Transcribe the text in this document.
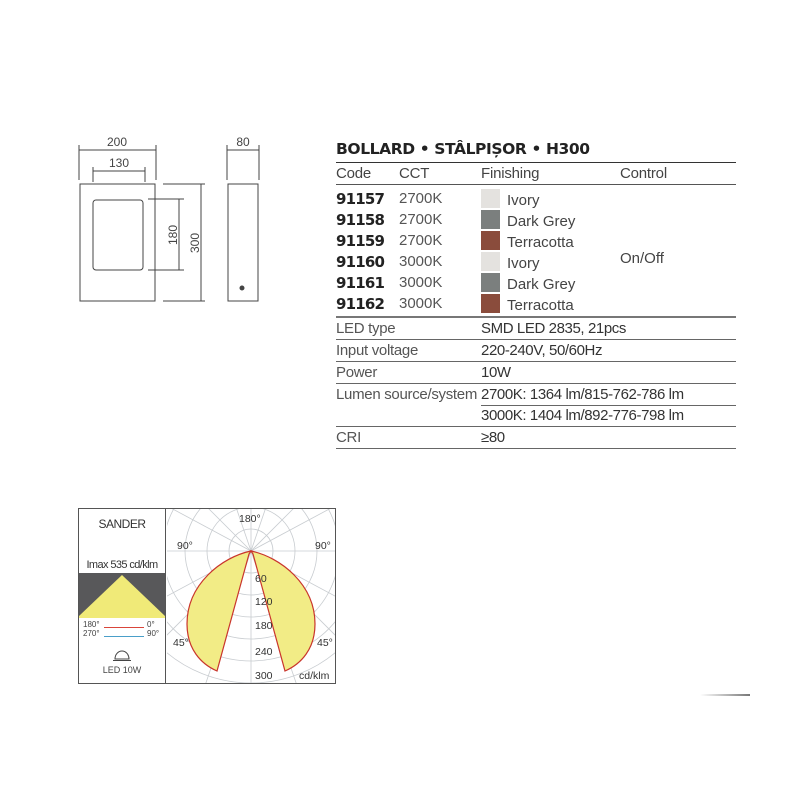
200
130
80
180 300
BOLLARD • STÂLPIȘOR • H300
Code CCT	Finishing	Control
91157 2700K	Ivory
91158 2700K	Dark Grey
91159 2700K	Terracotta
91160 3000K	Ivory
91161 3000K	Dark Grey
91162 3000K	Terracotta
On/Off
LED type	SMD LED 2835, 21pcs
Input voltage	220-240V, 50/60Hz
Power	10W
Lumen source/system 2700K: 1364 lm/815-762-786 lm
3000K: 1404 lm/892-776-798 lm
CRI	≥80
SANDER
Imax 535 cd/klm
180°	0°
270°	90°
LED 10W
180°
90°	90°
45°	45°
60
120
180
240
300	cd/klm
